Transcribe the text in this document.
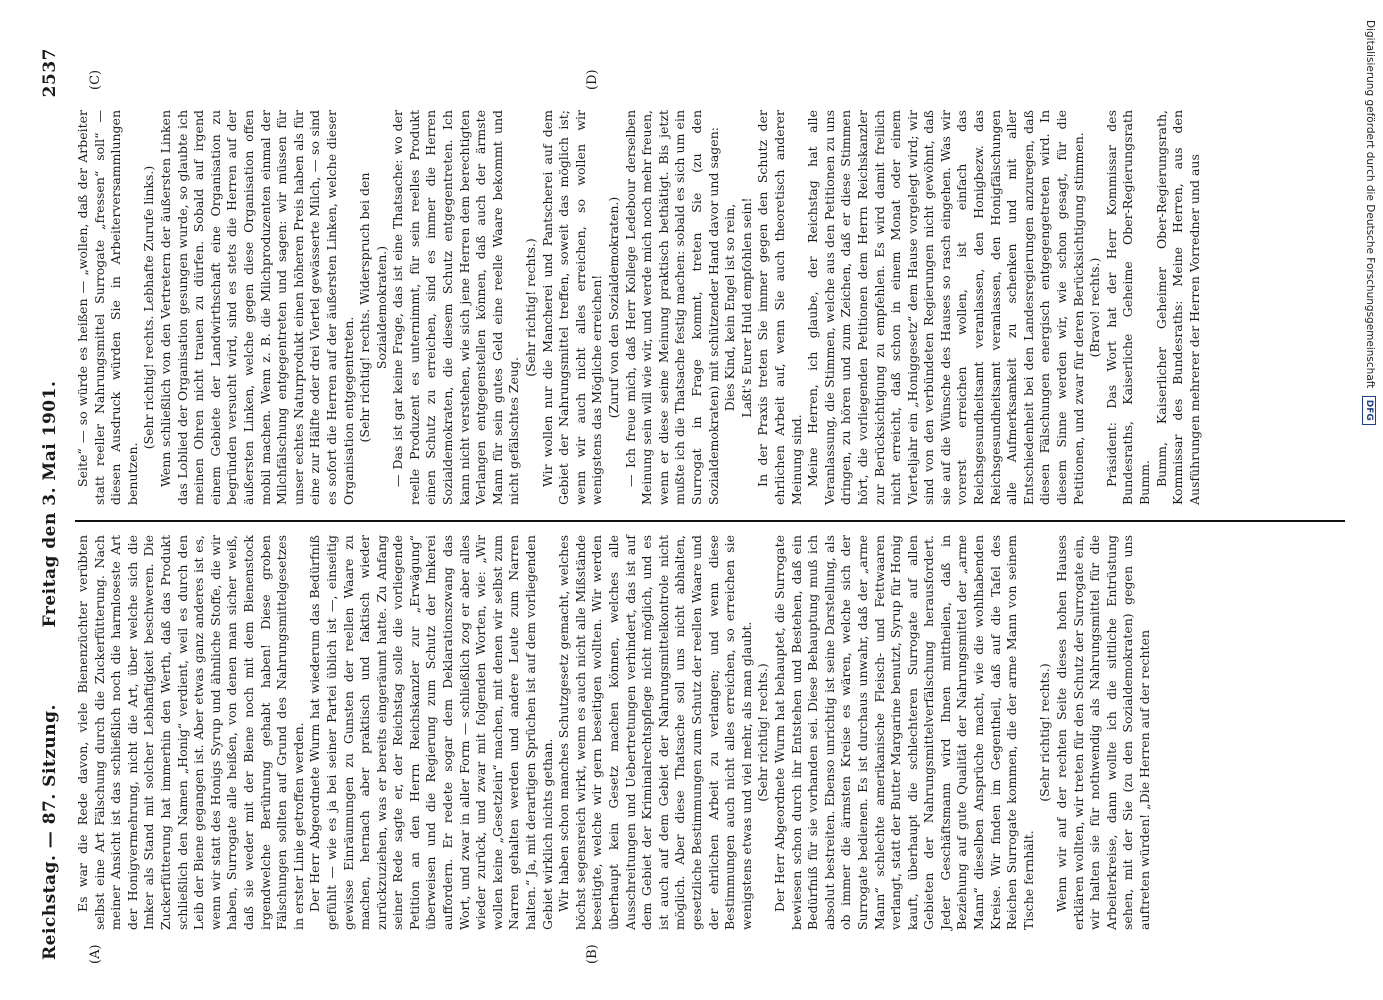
Reichstag. — 87. Sitzung.
Freitag den 3. Mai 1901.
2537
(A)	(B)
(C)	(D)

Es war die Rede davon, viele Bienenzüchter verübten selbst eine Art Fälschung durch die Zuckerfütterung. Nach meiner Ansicht ist das schließlich noch die harmloseste Art der Honigvermehrung, nicht die Art, über welche sich die Imker als Stand mit solcher Lebhaftigkeit beschweren. Die Zuckerfütterung hat immerhin den Werth, daß das Produkt schließlich den Namen „Honig“ verdient, weil es durch den Leib der Biene gegangen ist. Aber etwas ganz anderes ist es, wenn wir statt des Honigs Syrup und ähnliche Stoffe, die wir haben, Surrogate alle heißen, von denen man sicher weiß, daß sie weder mit der Biene noch mit dem Bienenstock irgendwelche Berührung gehabt haben! Diese groben Fälschungen sollten auf Grund des Nahrungsmittelgesetzes in erster Linie getroffen werden. Der Herr Abgeordnete Wurm hat wiederum das Bedürfniß gefühlt — wie es ja bei seiner Partei üblich ist —, einseitig gewisse Einräumungen zu Gunsten der reellen Waare zu machen, hernach aber praktisch und faktisch wieder zurückzuziehen, was er bereits eingeräumt hatte. Zu Anfang seiner Rede sagte er, der Reichstag solle die vorliegende Petition an den Herrn Reichskanzler zur „Erwägung“ überweisen und die Regierung zum Schutz der Imkerei auffordern. Er redete sogar dem Deklarationszwang das Wort, und zwar in aller Form — schließlich zog er aber alles wieder zurück, und zwar mit folgenden Worten, wie: „Wir wollen keine „Gesetzlein“ machen, mit denen wir selbst zum Narren gehalten werden und andere Leute zum Narren halten.“ Ja, mit derartigen Sprüchen ist auf dem vorliegenden Gebiet wirklich nichts gethan. Wir haben schon manches Schutzgesetz gemacht, welches höchst segensreich wirkt, wenn es auch nicht alle Mißstände beseitigte, welche wir gern beseitigen wollten. Wir werden überhaupt kein Gesetz machen können, welches alle Ausschreitungen und Uebertretungen verhindert, das ist auf dem Gebiet der Kriminalrechtspflege nicht möglich, und es ist auch auf dem Gebiet der Nahrungsmittelkontrole nicht möglich. Aber diese Thatsache soll uns nicht abhalten, gesetzliche Bestimmungen zum Schutz der reellen Waare und der ehrlichen Arbeit zu verlangen; und wenn diese Bestimmungen auch nicht alles erreichen, so erreichen sie wenigstens etwas und viel mehr, als man glaubt. (Sehr richtig! rechts.) Der Herr Abgeordnete Wurm hat behauptet, die Surrogate bewiesen schon durch ihr Entstehen und Bestehen, daß ein Bedürfniß für sie vorhanden sei. Diese Behauptung muß ich absolut bestreiten. Ebenso unrichtig ist seine Darstellung, als ob immer die ärmsten Kreise es wären, welche sich der Surrogate bedienen. Es ist durchaus unwahr, daß der „arme Mann“ schlechte amerikanische Fleisch- und Fettwaaren verlangt, statt der Butter Margarine benutzt, Syrup für Honig kauft, überhaupt die schlechteren Surrogate auf allen Gebieten der Nahrungsmittelverfälschung herausfordert. Jeder Geschäftsmann wird Ihnen mittheilen, daß in Beziehung auf gute Qualität der Nahrungsmittel der „arme Mann“ dieselben Ansprüche macht, wie die wohlhabenden Kreise. Wir finden im Gegentheil, daß auf die Tafel des Reichen Surrogate kommen, die der arme Mann von seinem Tische fernhält.

(Sehr richtig! rechts.) Wenn wir auf der rechten Seite dieses hohen Hauses erklären wollten, wir treten für den Schutz der Surrogate ein, wir halten sie für nothwendig als Nahrungsmittel für die Arbeiterkreise, dann wollte ich die sittliche Entrüstung sehen, mit der Sie (zu den Sozialdemokraten) gegen uns auftreten würden! „Die Herren auf der rechten

Seite“ — so würde es heißen — „wollen, daß der Arbeiter statt reeller Nahrungsmittel Surrogate „fressen“ soll“ — diesen Ausdruck würden Sie in Arbeiterversammlungen benutzen.

(Sehr richtig! rechts. Lebhafte Zurufe links.) Wenn schließlich von den Vertretern der äußersten Linken das Loblied der Organisation gesungen wurde, so glaubte ich meinen Ohren nicht trauen zu dürfen. Sobald auf irgend einem Gebiete der Landwirthschaft eine Organisation zu begründen versucht wird, sind es stets die Herren auf der äußersten Linken, welche gegen diese Organisation offen mobil machen. Wenn z. B. die Milchproduzenten einmal der Milchfälschung entgegentreten und sagen: wir müssen für unser echtes Naturprodukt einen höheren Preis haben als für eine zur Hälfte oder drei Viertel gewässerte Milch, — so sind es sofort die Herren auf der äußersten Linken, welche dieser Organisation entgegentreten. (Sehr richtig! rechts. Widerspruch bei den Sozialdemokraten.) — Das ist gar keine Frage, das ist eine Thatsache: wo der reelle Produzent es unternimmt, für sein reelles Produkt einen Schutz zu erreichen, sind es immer die Herren Sozialdemokraten, die diesem Schutz entgegentreten. Ich kann nicht verstehen, wie sich jene Herren dem berechtigten Verlangen entgegenstellen können, daß auch der ärmste Mann für sein gutes Geld eine reelle Waare bekommt und nicht gefälschtes Zeug.

(Sehr richtig! rechts.) Wir wollen nur die Mancherei und Pantscherei auf dem Gebiet der Nahrungsmittel treffen, soweit das möglich ist; wenn wir auch nicht alles erreichen, so wollen wir wenigstens das Mögliche erreichen! (Zuruf von den Sozialdemokraten.) — Ich freue mich, daß Herr Kollege Ledebour derselben Meinung sein will wie wir, und werde mich noch mehr freuen, wenn er diese seine Meinung praktisch bethätigt. Bis jetzt mußte ich die Thatsache festig machen: sobald es sich um ein Surrogat in Frage kommt, treten Sie (zu den Sozialdemokraten) mit schützender Hand davor und sagen: Dies Kind, kein Engel ist so rein, Laßt's Eurer Huld empfohlen sein! In der Praxis treten Sie immer gegen den Schutz der ehrlichen Arbeit auf, wenn Sie auch theoretisch anderer Meinung sind. Meine Herren, ich glaube, der Reichstag hat alle Veranlassung, die Stimmen, welche aus den Petitionen zu uns dringen, zu hören und zum Zeichen, daß er diese Stimmen hört, die vorliegenden Petitionen dem Herrn Reichskanzler zur Berücksichtigung zu empfehlen. Es wird damit freilich nicht erreicht, daß schon in einem Monat oder einem Vierteljahr ein „Honiggesetz“ dem Hause vorgelegt wird; wir sind von den verbündeten Regierungen nicht gewöhnt, daß sie auf die Wünsche des Hauses so rasch eingehen. Was wir vorerst erreichen wollen, ist einfach das Reichsgesundheitsamt veranlassen, den Honigbezw. das Reichsgesundheitsamt veranlassen, den Honigfälschungen alle Aufmerksamkeit zu schenken und mit aller Entschiedenheit bei den Landesregierungen anzuregen, daß diesen Fälschungen energisch entgegengetreten wird. In diesem Sinne werden wir, wie schon gesagt, für die Petitionen, und zwar für deren Berücksichtigung stimmen. (Bravo! rechts.) Präsident: Das Wort hat der Herr Kommissar des Bundesraths, Kaiserliche Geheime Ober-Regierungsrath Bumm. Bumm, Kaiserlicher Geheimer Ober-Regierungsrath, Kommissar des Bundesraths: Meine Herren, aus den Ausführungen mehrerer der Herren Vorredner und aus	Digitalisierung gefördert durch die Deutsche Forschungsgemeinschaft DFG
